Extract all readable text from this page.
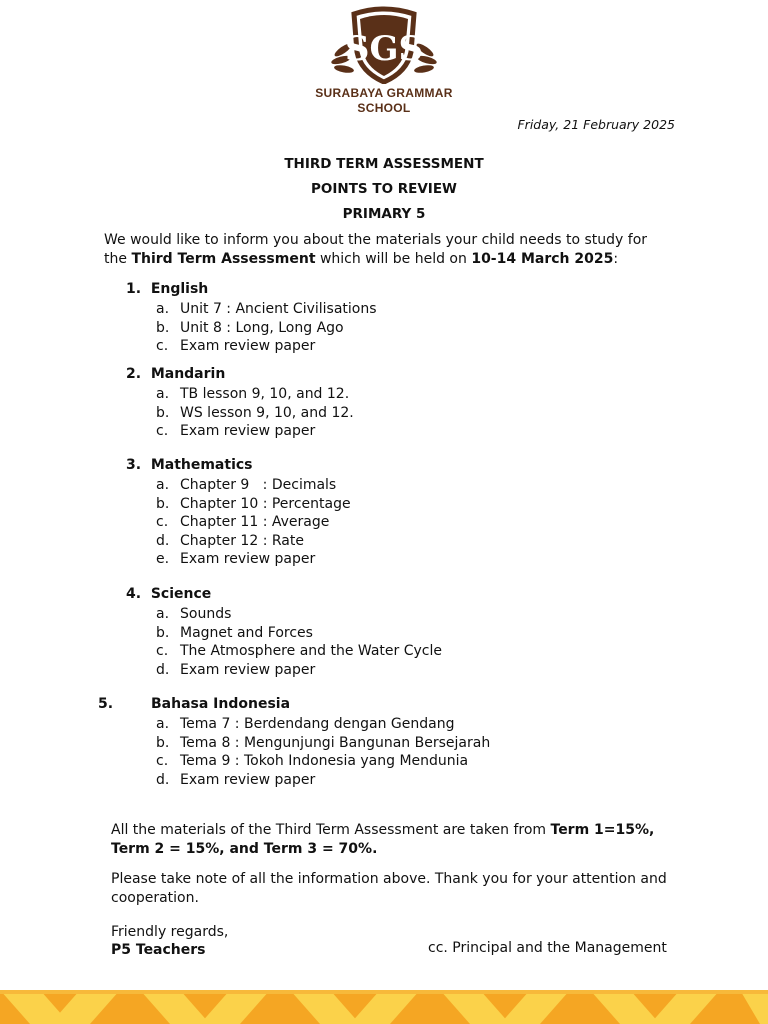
SGS
SURABAYA GRAMMAR
SCHOOL
Friday, 21 February 2025
THIRD TERM ASSESSMENT
POINTS TO REVIEW
PRIMARY 5
We would like to inform you about the materials your child needs to study for the Third Term Assessment which will be held on 10-14 March 2025:
1. English
a. Unit 7 : Ancient Civilisations
b. Unit 8 : Long, Long Ago
c. Exam review paper
2. Mandarin
a. TB lesson 9, 10, and 12.
b. WS lesson 9, 10, and 12.
c. Exam review paper
3. Mathematics
a. Chapter 9   : Decimals
b. Chapter 10 : Percentage
c. Chapter 11 : Average
d. Chapter 12 : Rate
e. Exam review paper
4. Science
a. Sounds
b. Magnet and Forces
c. The Atmosphere and the Water Cycle
d. Exam review paper
5.	Bahasa Indonesia
a. Tema 7 : Berdendang dengan Gendang
b. Tema 8 : Mengunjungi Bangunan Bersejarah
c. Tema 9 : Tokoh Indonesia yang Mendunia
d. Exam review paper
All the materials of the Third Term Assessment are taken from Term 1=15%, Term 2 = 15%, and Term 3 = 70%.
Please take note of all the information above. Thank you for your attention and cooperation.
Friendly regards,
P5 Teachers	cc. Principal and the Management
